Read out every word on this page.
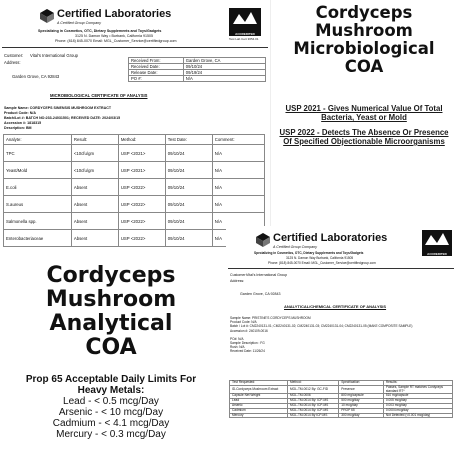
Certified Laboratories
A Certified Group Company
Specializing in Cosmetics, OTC, Dietary Supplements and Toys/Gadgets
3125 N. Damon Way • Burbank, California 91505
Phone: (818) 845-0070 Email: MGL_Customer_Service@certifiedgroup.com
ACCREDITED
Test Lab Cert 3654.01
Customer: Vital's International Group
Address:
Garden Grove, CA 92843
Received From:	Garden Grove, CA
Received Date:	09/10/24
Release Date:	09/19/24
PO #:	N/A
MICROBIOLOGICAL CERTIFICATE OF ANALYSIS
Sample Name: CORDYCEPS SINENSIS MUSHROOM EXTRACT
Product Code: N/A
Batch/Lot #: BATCH NO:233-24031501; RECEIVED DATE: 2024/03/15
Accession #: 1818315
Description: BM
Analyte:	Result:	Method:	Test Date:	Comment:
TPC	<10cfu/gm	USP <2021>	09/10/24	N/A
Yeast/Mold	<10cfu/gm	USP <2021>	09/10/24	N/A
E.coli	Absent	USP <2022>	09/10/24	N/A
S.aureus	Absent	USP <2022>	09/10/24	N/A
Salmonella spp.	Absent	USP <2022>	09/10/24	N/A
Enterobacteriaceae	Absent	USP <2022>	09/10/24	N/A
Cordyceps
Mushroom
Microbiological
COA
USP 2021 - Gives Numerical Value Of Total Bacteria, Yeast or Mold
USP 2022 - Detects The Absence Or Presence Of Specified Objectionable Microorganisms
Cordyceps
Mushroom
Analytical
COA
Prop 65 Acceptable Daily Limits For Heavy Metals:
Lead - < 0.5 mcg/Day
Arsenic - < 10 mcg/Day
Cadmium - < 4.1 mcg/Day
Mercury - < 0.3 mcg/Day
Certified Laboratories
A Certified Group Company
Specializing in Cosmetics, OTC, Dietary Supplements and Toys/Gadgets
3125 N. Damon Way Burbank, California 91505
Phone: (818) 845-0070 Email: MGL_Customer_Service@certifiedgroup.com
ACCREDITED
Customer: Vital's International Group
Address:
Garden Grove, CA 92843
ANALYTICAL/CHEMICAL CERTIFICATE OF ANALYSIS
Sample Name: PRISTINE'S CORDYCEPS MUSHROOM
Product Code: N/A
Batch / Lot #: CM2240131-01; CM2240131-02; CM2240131-03; CM2240131-04; CM2240131-05 (MAKE COMPOSITE SAMPLE)
Accession #: 240109-0016
PO#: N/A
Sample Description : FG
Rush: N/A
Received Date: 11/26/24
Test Requested:	Method:	Specification:	Results:
ID-Cordyceps Mushroom Extract	MGL-TM-0012 By: GC-FID	Presence	Passes, Sample RT matches Cordyceps standard RT*
Capsule Net Weight	MGL-TM-0006	800 mg/capsule	510 mg/capsule
Lead	MGL-TM-0014 By: ICP-MS	500 mcg/day	0.005 mcg/day
Arsenic	MGL-TM-0014 By: ICP-MS	10 mcg/day	0.003 mcg/day
Cadmium	MGL-TM-0014 By: ICP-MS	PROP 65	0.0004 mcg/day
Mercury	MGL-TM-0014 By ICP-MS	300 mcg/day	Not Detected (<0.001 mcg/day)
